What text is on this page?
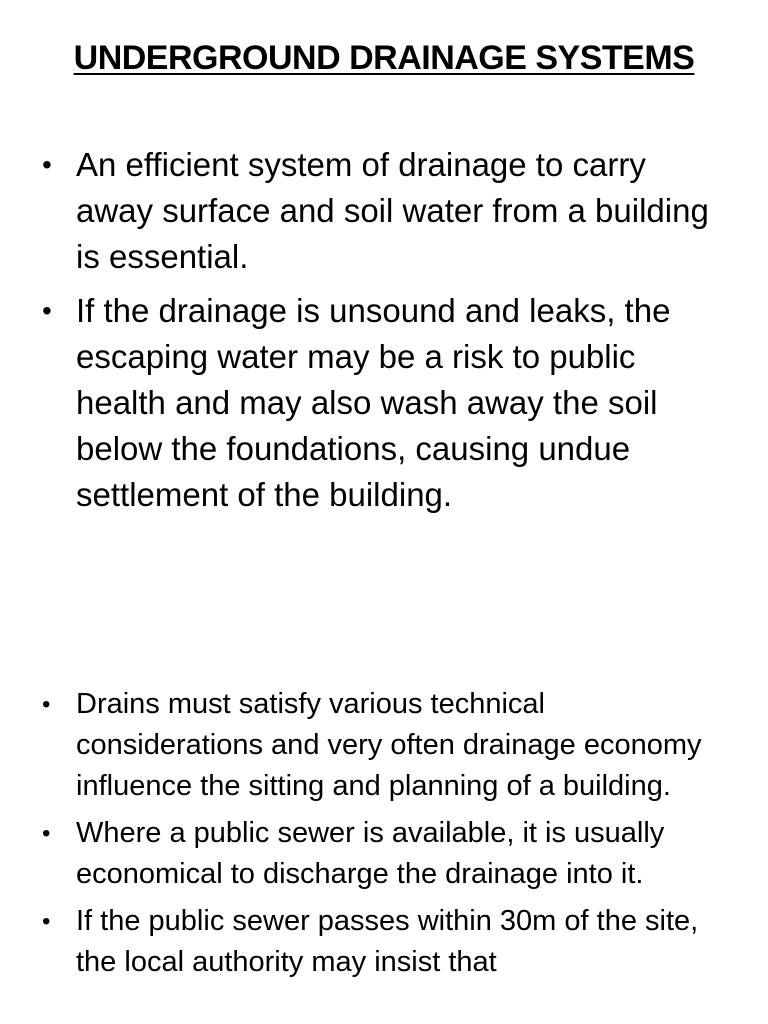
UNDERGROUND DRAINAGE SYSTEMS
• An efficient system of drainage to carry away surface and soil water from a building is essential.
• If the drainage is unsound and leaks, the escaping water may be a risk to public health and may also wash away the soil below the foundations, causing undue settlement of the building.
• Drains must satisfy various technical considerations and very often drainage economy influence the sitting and planning of a building.
• Where a public sewer is available, it is usually economical to discharge the drainage into it.
• If the public sewer passes within 30m of the site, the local authority may insist that
